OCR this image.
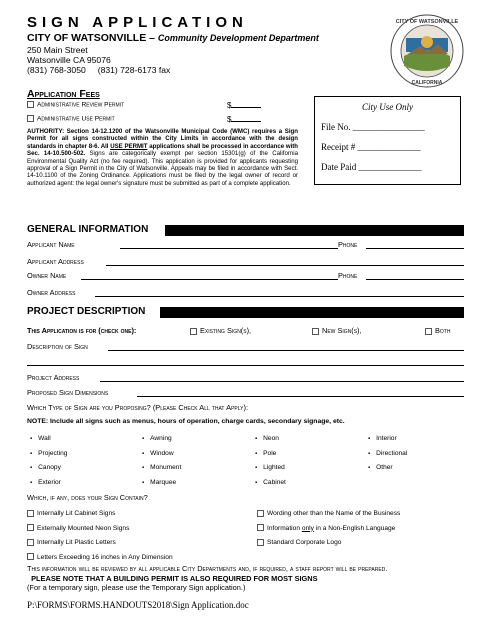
SIGN APPLICATION
CITY OF WATSONVILLE – Community Development Department
250 Main Street
Watsonville CA 95076
(831) 768-3050     (831) 728-6173 fax
CITY OF WATSONVILLE
CALIFORNIA
Application Fees
Administrative Review Permit	$
Administrative Use Permit	$
AUTHORITY: Section 14-12.1200 of the Watsonville Municipal Code (WMC) requires a Sign Permit for all signs constructed within the City Limits in accordance with the design standards in chapter 8-6. All USE PERMIT applications shall be processed in accordance with Sec. 14-10.500-502. Signs are categorically exempt per section 15301(g) of the California Environmental Quality Act (no fee required). This application is provided for applicants requesting approval of a Sign Permit in the City of Watsonville. Appeals may be filed in accordance with Sect. 14-10.1100 of the Zoning Ordinance. Applications must be filed by the legal owner of record or authorized agent: the legal owner's signature must be submitted as part of a complete application.
City Use Only
File No. ________________
Receipt # ______________
Date Paid ______________
GENERAL INFORMATION
Applicant Name	Phone
Applicant Address
Owner Name	Phone
Owner Address
PROJECT DESCRIPTION
This Application is for (check one):	Existing Sign(s),	New Sign(s),	Both
Description of Sign
Project Address
Proposed Sign Dimensions
Which Type of Sign are you Proposing? (Please Check All that Apply):
NOTE: Include all signs such as menus, hours of operation, charge cards, secondary signage, etc.
▪ Wall
▪ Projecting
▪ Canopy
▪ Exterior
▪ Awning
▪ Window
▪ Monument
▪ Marquee
▪ Neon
▪ Pole
▪ Lighted
▪ Cabinet
▪ Interior
▪ Directional
▪ Other
Which, if any, does your Sign Contain?
Internally Lit Cabinet Signs
Externally Mounted Neon Signs
Internally Lit Plastic Letters
Letters Exceeding 16 inches in Any Dimension
Wording other than the Name of the Business
Information only in a Non-English Language
Standard Corporate Logo
This information will be reviewed by all applicable City Departments and, if required, a staff report will be prepared.  PLEASE NOTE THAT A BUILDING PERMIT IS ALSO REQUIRED FOR MOST SIGNS
(For a temporary sign, please use the Temporary Sign application.)
P:\FORMS\FORMS.HANDOUTS2018\Sign Application.doc
